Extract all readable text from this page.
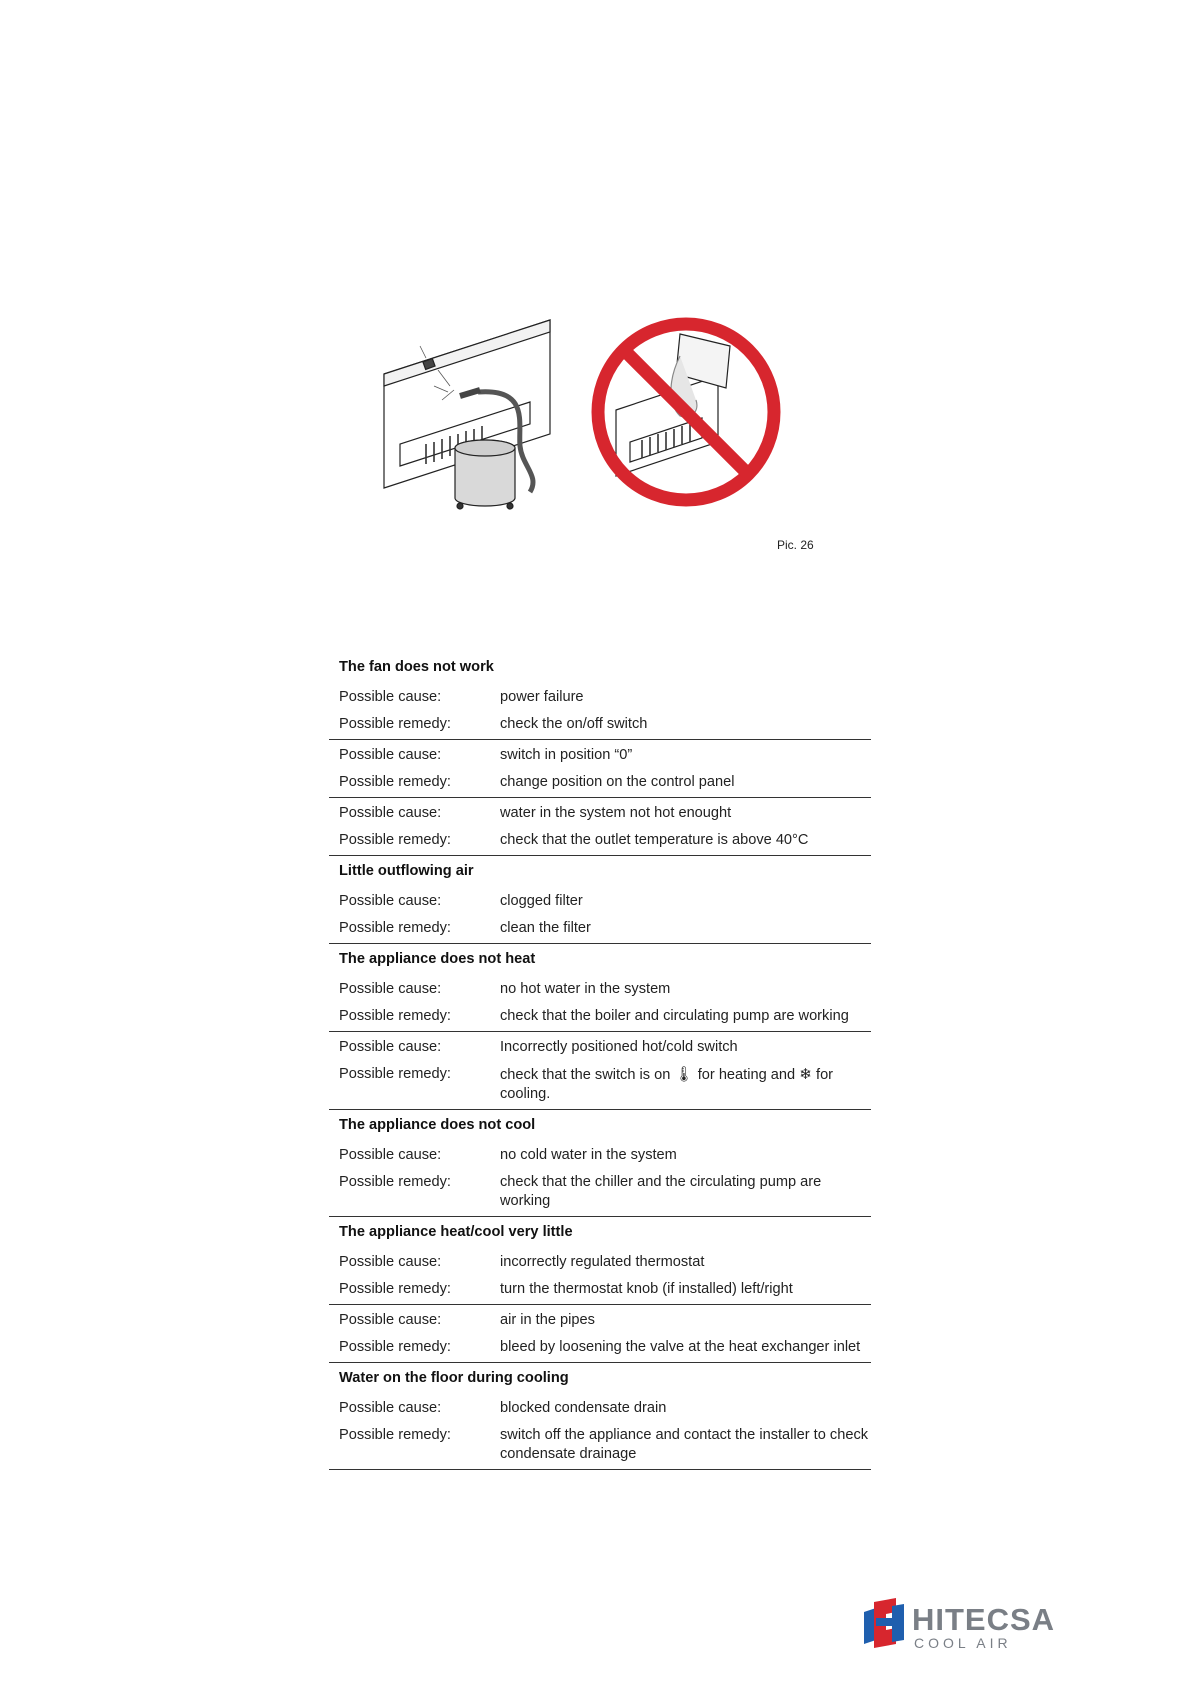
Pic. 26
The fan does not work	
Possible cause:	power failure
Possible remedy:	check the on/off switch
Possible cause:	switch in position “0”
Possible remedy:	change position on the control panel
Possible cause:	water in the system not hot enought
Possible remedy:	check that the outlet temperature is above 40°C
Little outflowing air	
Possible cause:	clogged filter
Possible remedy:	clean the filter
The appliance does not heat	
Possible cause:	no hot water in the system
Possible remedy:	check that the boiler and circulating pump are working
Possible cause:	Incorrectly positioned hot/cold switch
Possible remedy:	check that the switch is on 🌡 for heating and ❄ for cooling.
The appliance does not cool	
Possible cause:	no cold water in the system
Possible remedy:	check that the chiller and the circulating pump are working
The appliance heat/cool very little	
Possible cause:	incorrectly regulated thermostat
Possible remedy:	turn the thermostat knob (if installed) left/right
Possible cause:	air in the pipes
Possible remedy:	bleed by loosening the valve at the heat exchanger inlet
Water on the floor during cooling	
Possible cause:	blocked condensate drain
Possible remedy:	switch off the appliance and contact the installer to check condensate drainage
HITECSA
COOL AIR
